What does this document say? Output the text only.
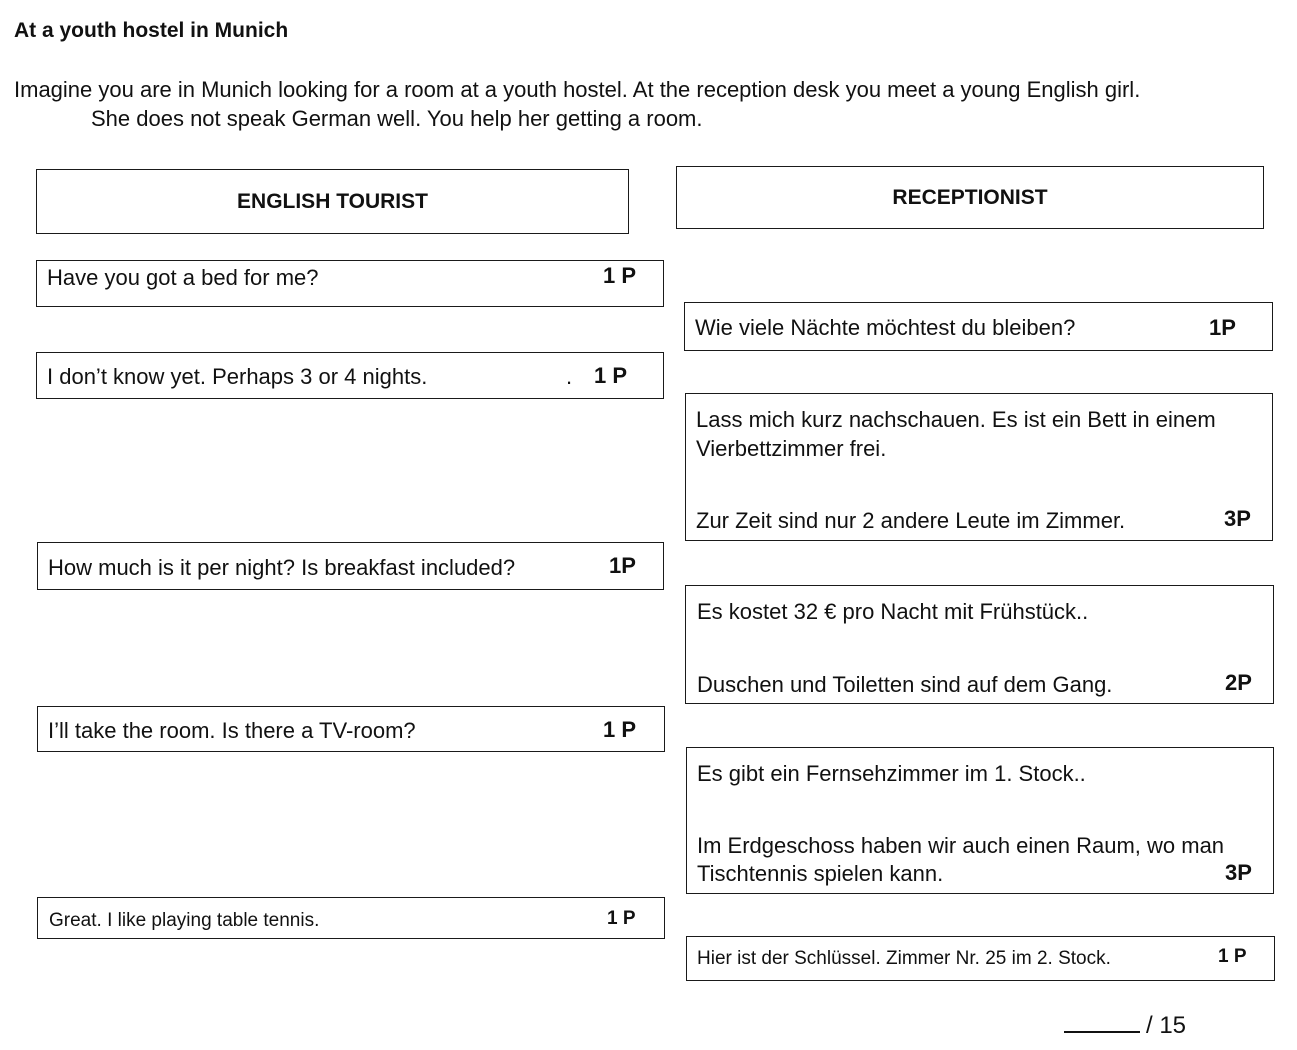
At a youth hostel in Munich
Imagine you are in Munich looking for a room at a youth hostel. At the reception desk you meet a young English girl.
She does not speak German well. You help her getting a room.
ENGLISH TOURIST	RECEPTIONIST
Have you got a bed for me?	1 P
Wie viele Nächte möchtest du bleiben?	1P
I don’t know yet. Perhaps 3 or 4 nights.	. 1 P
Lass mich kurz nachschauen. Es ist ein Bett in einem
Vierbettzimmer frei.
Zur Zeit sind nur 2 andere Leute im Zimmer.	3P
How much is it per night? Is breakfast included?	1P
Es kostet 32 € pro Nacht mit Frühstück..
Duschen und Toiletten sind auf dem Gang.	2P
I’ll take the room. Is there a TV-room?	1 P
Es gibt ein Fernsehzimmer im 1. Stock..
Im Erdgeschoss haben wir auch einen Raum, wo man
Tischtennis spielen kann.	3P
Great. I like playing table tennis.	1 P
Hier ist der Schlüssel. Zimmer Nr. 25 im 2. Stock.	1 P
/ 15
